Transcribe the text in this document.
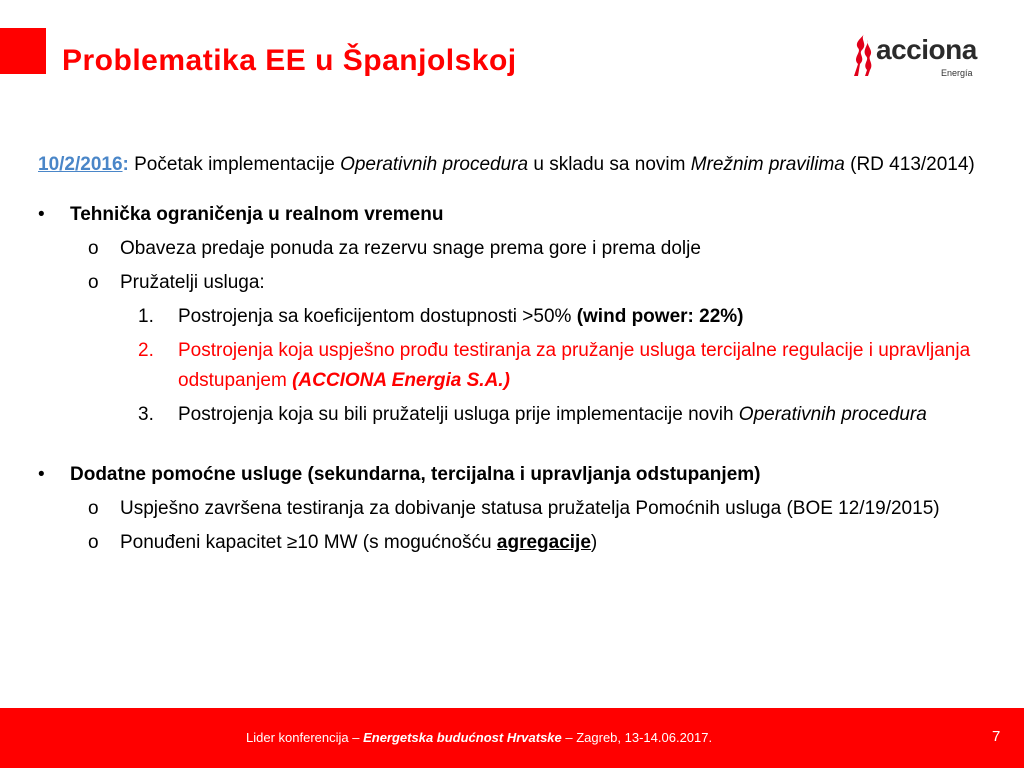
Problematika EE u Španjolskoj	acciona
Energía
10/2/2016: Početak implementacije Operativnih procedura u skladu sa novim Mrežnim pravilima (RD 413/2014)
• Tehnička ograničenja u realnom vremenu
o Obaveza predaje ponuda za rezervu snage prema gore i prema dolje
o Pružatelji usluga:
1. Postrojenja sa koeficijentom dostupnosti >50% (wind power: 22%)
2. Postrojenja koja uspješno prođu testiranja za pružanje usluga tercijalne regulacije i upravljanja odstupanjem (ACCIONA Energia S.A.)
3. Postrojenja koja su bili pružatelji usluga prije implementacije novih Operativnih procedura
• Dodatne pomoćne usluge (sekundarna, tercijalna i upravljanja odstupanjem)
o Uspješno završena testiranja za dobivanje statusa pružatelja Pomoćnih usluga (BOE 12/19/2015)
o Ponuđeni kapacitet ≥10 MW (s mogućnošću agregacije)
Lider konferencija – Energetska budućnost Hrvatske – Zagreb, 13-14.06.2017.	7
